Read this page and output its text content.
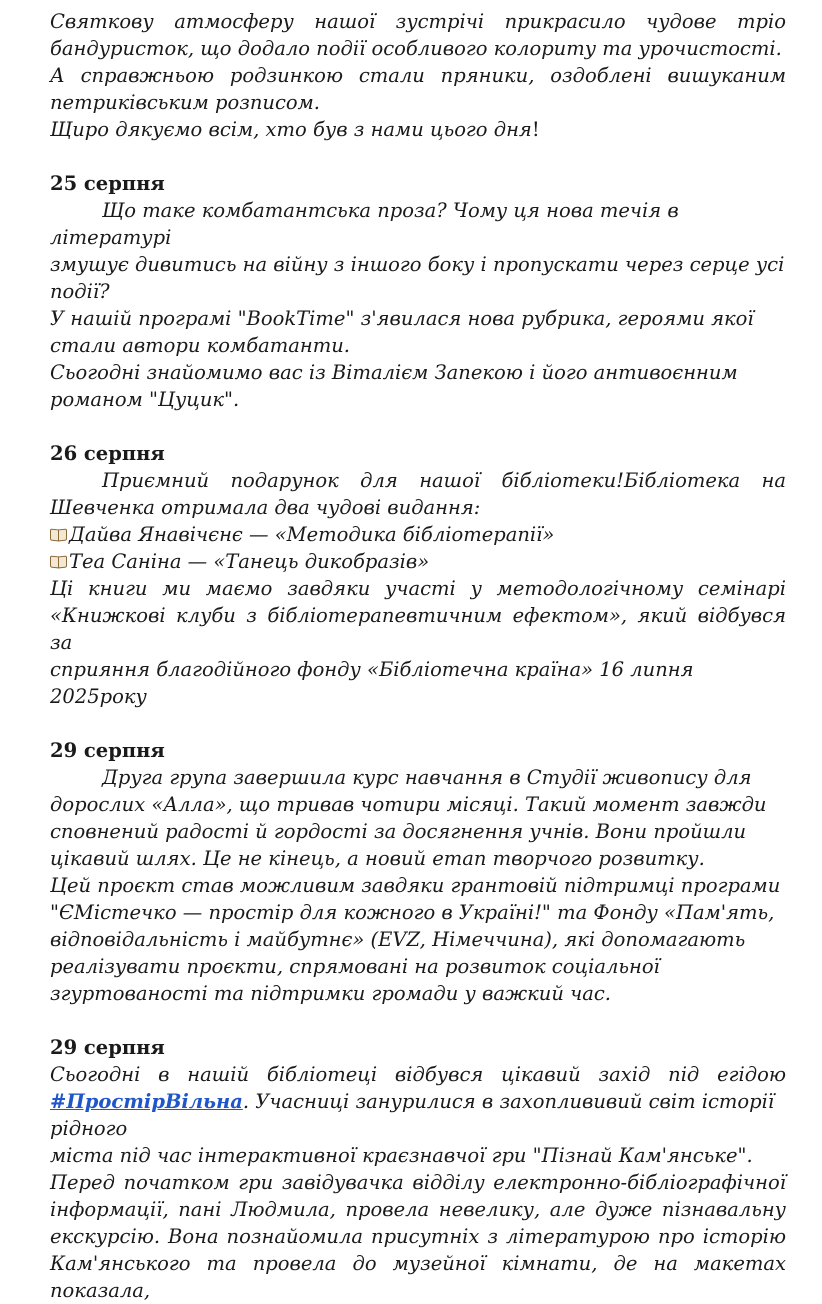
Святкову атмосферу нашої зустрічі прикрасило чудове тріо

бандуристок, що додало події особливого колориту та урочистості.

А справжньою родзинкою стали пряники, оздоблені вишуканим

петриківським розписом.

Щиро дякуємо всім, хто був з нами цього дня!

25 серпня

Що таке комбатантська проза? Чому ця нова течія в літературі

змушує дивитись на війну з іншого боку і пропускати через серце усі

події?

У нашій програмі "BookTime" з'явилася нова рубрика, героями якої

стали автори комбатанти.

Сьогодні знайомимо вас із Віталієм Запекою і його антивоєнним

романом "Цуцик".

26 серпня

Приємний подарунок для нашої бібліотеки!Бібліотека на

Шевченка отримала два чудові видання:

Дайва Янавічєнє — «Методика бібліотерапії»

Теа Саніна — «Танець дикобразів»

Ці книги ми маємо завдяки участі у методологічному семінарі

«Книжкові клуби з бібліотерапевтичним ефектом», який відбувся за

сприяння благодійного фонду «Бібліотечна країна» 16 липня 2025року

29 серпня

Друга група завершила курс навчання в Студії живопису для

дорослих «Алла», що тривав чотири місяці. Такий момент завжди

сповнений радості й гордості за досягнення учнів. Вони пройшли

цікавий шлях. Це не кінець, а новий етап творчого розвитку.

Цей проєкт став можливим завдяки грантовій підтримці програми

"ЄМістечко — простір для кожного в Україні!" та Фонду «Пам'ять,

відповідальність і майбутнє» (EVZ, Німеччина), які допомагають

реалізувати проєкти, спрямовані на розвиток соціальної

згуртованості та підтримки громади у важкий час.

29 серпня

Сьогодні в нашій бібліотеці відбувся цікавий захід під егідою

#ПростірВільна. Учасниці занурилися в захоплививий світ історії рідного

міста під час інтерактивної краєзнавчої гри "Пізнай Кам'янське".

Перед початком гри завідувачка відділу електронно-бібліографічної

інформації, пані Людмила, провела невелику, але дуже пізнавальну

екскурсію. Вона познайомила присутніх з літературою про історію

Кам'янського та провела до музейної кімнати, де на макетах показала,
